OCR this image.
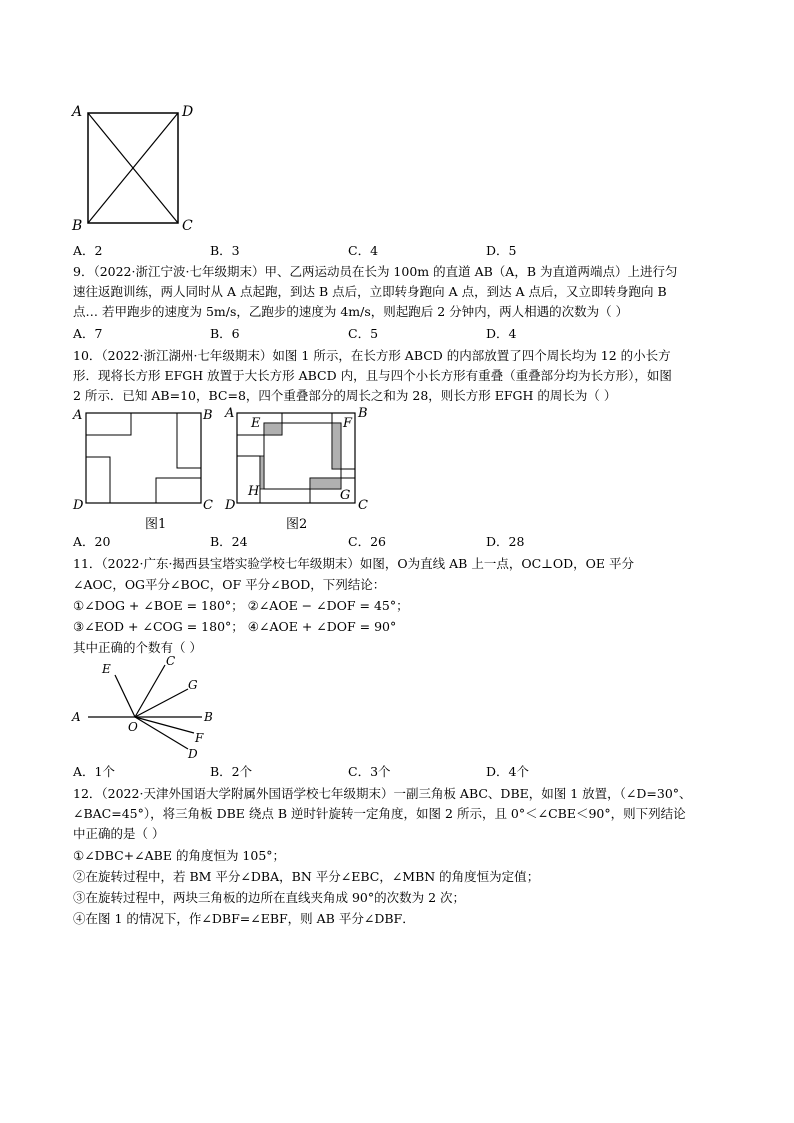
A	D
B	C
A．2	B．3	C．4	D．5
9．（2022·浙江宁波·七年级期末）甲、乙两运动员在长为 100m 的直道 AB（A，B 为直道两端点）上进行匀
速往返跑训练，两人同时从 A 点起跑，到达 B 点后，立即转身跑向 A 点，到达 A 点后，又立即转身跑向 B
点… 若甲跑步的速度为 5m/s，乙跑步的速度为 4m/s，则起跑后 2 分钟内，两人相遇的次数为（ ）
A．7	B．6	C．5	D．4
10．（2022·浙江湖州·七年级期末）如图 1 所示，在长方形 ABCD 的内部放置了四个周长均为 12 的小长方
形．现将长方形 EFGH 放置于大长方形 ABCD 内，且与四个小长方形有重叠（重叠部分均为长方形），如图
2 所示．已知 AB=10，BC=8，四个重叠部分的周长之和为 28，则长方形 EFGH 的周长为（ ）
A	B
D	C
图1
A	B
D	C
E	F
H	G
图2
A．20	B．24	C．26	D．28
11．（2022·广东·揭西县宝塔实验学校七年级期末）如图，O为直线 AB 上一点，OC⊥OD，OE 平分
∠AOC，OG平分∠BOC，OF 平分∠BOD，下列结论：
①∠DOG + ∠BOE = 180°； ②∠AOE − ∠DOF = 45°；
③∠EOD + ∠COG = 180°； ④∠AOE + ∠DOF = 90°
其中正确的个数有（ ）
E
C
G
A
O
B
F
D
A．1个	B．2个	C．3个	D．4个
12．（2022·天津外国语大学附属外国语学校七年级期末）一副三角板 ABC、DBE，如图 1 放置，（∠D=30°、
∠BAC=45°），将三角板 DBE 绕点 B 逆时针旋转一定角度，如图 2 所示，且 0°＜∠CBE＜90°，则下列结论
中正确的是（ ）
①∠DBC+∠ABE 的角度恒为 105°；
②在旋转过程中，若 BM 平分∠DBA，BN 平分∠EBC，∠MBN 的角度恒为定值；
③在旋转过程中，两块三角板的边所在直线夹角成 90°的次数为 2 次；
④在图 1 的情况下，作∠DBF=∠EBF，则 AB 平分∠DBF．
